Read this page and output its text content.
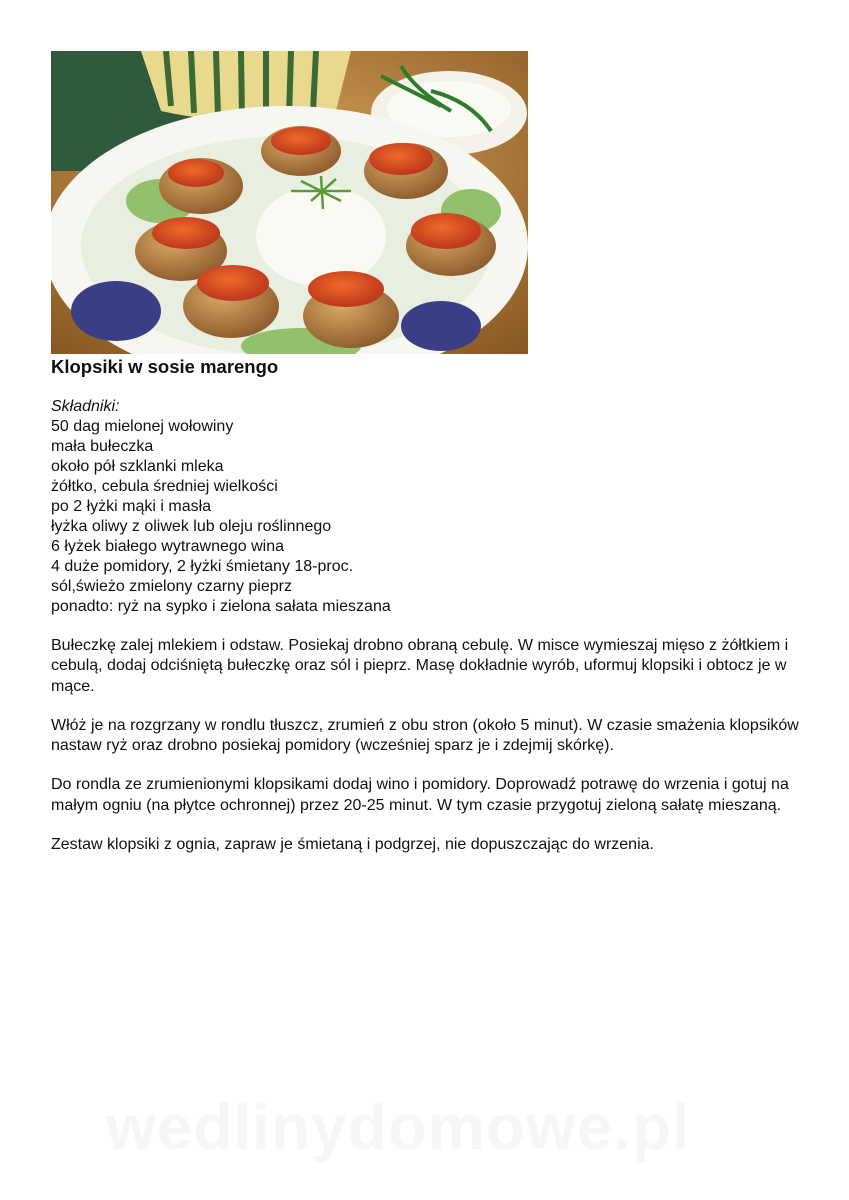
Klopsiki w sosie marengo
Składniki:
50 dag mielonej wołowiny
mała bułeczka
około pół szklanki mleka
żółtko, cebula średniej wielkości
po 2 łyżki mąki i masła
łyżka oliwy z oliwek lub oleju roślinnego
6 łyżek białego wytrawnego wina
4 duże pomidory, 2 łyżki śmietany 18-proc.
sól,świeżo zmielony czarny pieprz
ponadto: ryż na sypko i zielona sałata mieszana

Bułeczkę zalej mlekiem i odstaw. Posiekaj drobno obraną cebulę. W misce wymieszaj mięso z żółtkiem i cebulą, dodaj odciśniętą bułeczkę oraz sól i pieprz. Masę dokładnie wyrób, uformuj klopsiki i obtocz je w mące.

Włóż je na rozgrzany w rondlu tłuszcz, zrumień z obu stron (około 5 minut). W czasie smażenia klopsików nastaw ryż oraz drobno posiekaj pomidory (wcześniej sparz je i zdejmij skórkę).

Do rondla ze zrumienionymi klopsikami dodaj wino i pomidory. Doprowadź potrawę do wrzenia i gotuj na małym ogniu (na płytce ochronnej) przez 20-25 minut. W tym czasie przygotuj zieloną sałatę mieszaną.

Zestaw klopsiki z ognia, zapraw je śmietaną i podgrzej, nie dopuszczając do wrzenia.

wedlinydomowe.pl
